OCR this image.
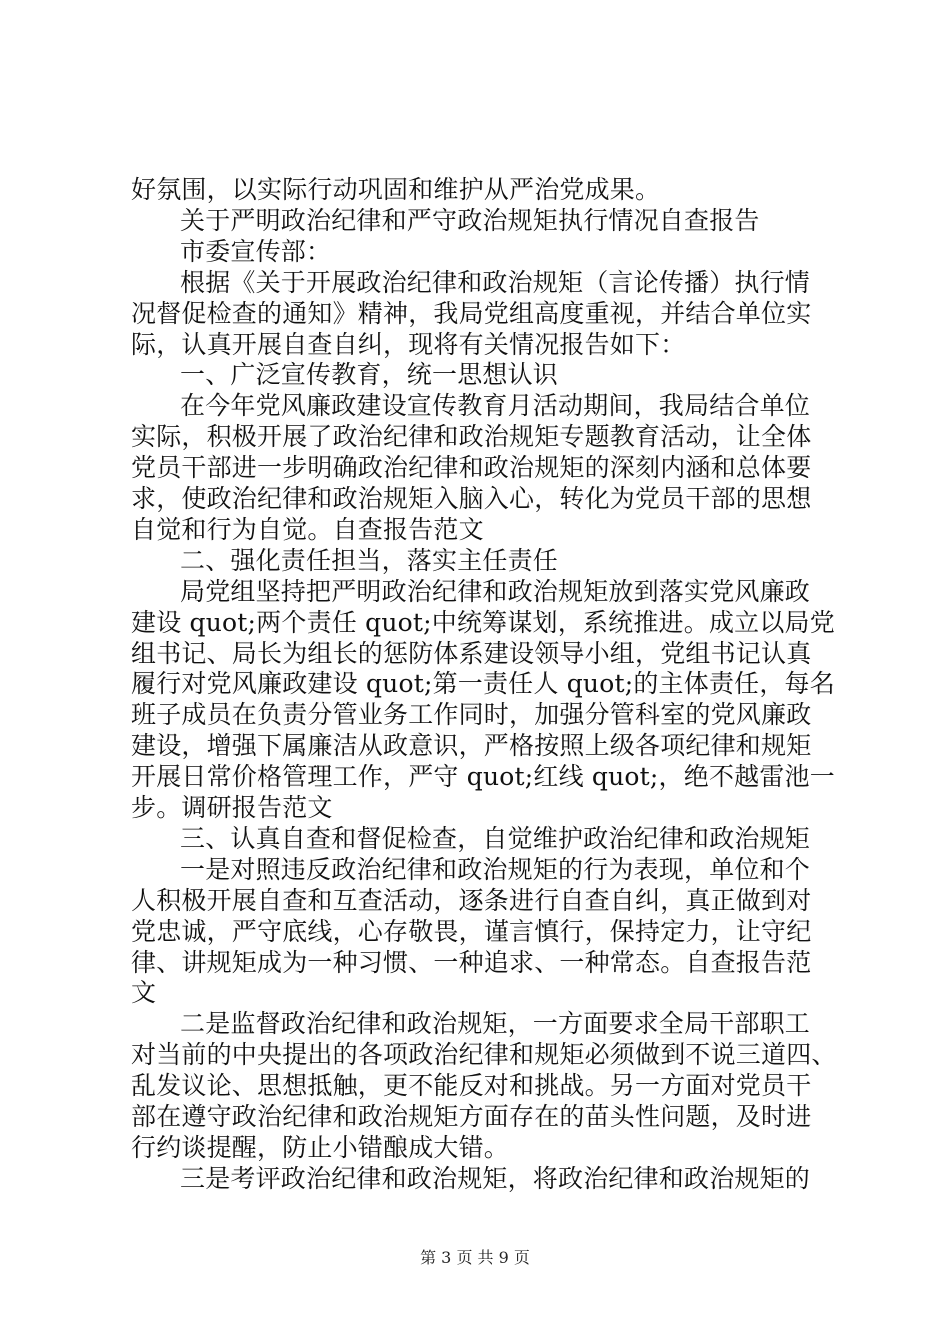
好氛围，以实际行动巩固和维护从严治党成果。

关于严明政治纪律和严守政治规矩执行情况自查报告

市委宣传部：

根据《关于开展政治纪律和政治规矩（言论传播）执行情

况督促检查的通知》精神，我局党组高度重视，并结合单位实

际，认真开展自查自纠，现将有关情况报告如下：

一、广泛宣传教育，统一思想认识

在今年党风廉政建设宣传教育月活动期间，我局结合单位

实际，积极开展了政治纪律和政治规矩专题教育活动，让全体

党员干部进一步明确政治纪律和政治规矩的深刻内涵和总体要

求，使政治纪律和政治规矩入脑入心，转化为党员干部的思想

自觉和行为自觉。自查报告范文

二、强化责任担当，落实主任责任

局党组坚持把严明政治纪律和政治规矩放到落实党风廉政

建设 quot;两个责任 quot;中统筹谋划，系统推进。成立以局党

组书记、局长为组长的惩防体系建设领导小组，党组书记认真

履行对党风廉政建设 quot;第一责任人 quot;的主体责任，每名

班子成员在负责分管业务工作同时，加强分管科室的党风廉政

建设，增强下属廉洁从政意识，严格按照上级各项纪律和规矩

开展日常价格管理工作，严守 quot;红线 quot;，绝不越雷池一

步。调研报告范文

三、认真自查和督促检查，自觉维护政治纪律和政治规矩

一是对照违反政治纪律和政治规矩的行为表现，单位和个

人积极开展自查和互查活动，逐条进行自查自纠，真正做到对

党忠诚，严守底线，心存敬畏，谨言慎行，保持定力，让守纪

律、讲规矩成为一种习惯、一种追求、一种常态。自查报告范

文

二是监督政治纪律和政治规矩，一方面要求全局干部职工

对当前的中央提出的各项政治纪律和规矩必须做到不说三道四、

乱发议论、思想抵触，更不能反对和挑战。另一方面对党员干

部在遵守政治纪律和政治规矩方面存在的苗头性问题，及时进

行约谈提醒，防止小错酿成大错。

三是考评政治纪律和政治规矩，将政治纪律和政治规矩的

第 3 页 共 9 页
